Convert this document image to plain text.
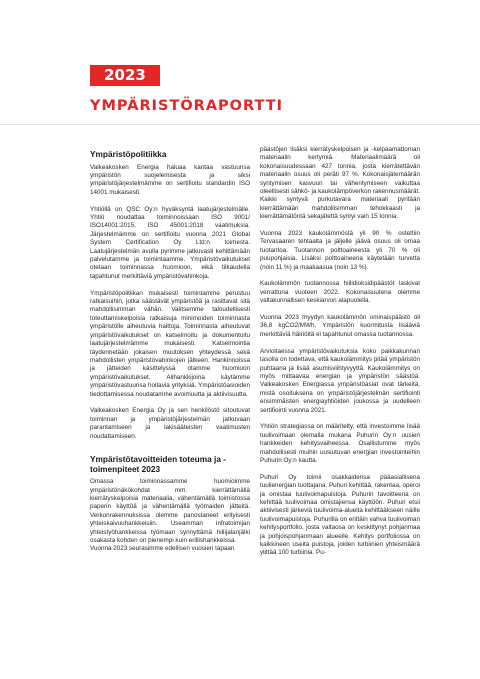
2023
YMPÄRISTÖRAPORTTI
Ympäristöpolitiikka

Valkeakosken Energia haluaa kantaa vastuunsa ympäristön suojelemisesta ja siksi ympäristöjärjestelmämme on sertifioitu standardin ISO 14001 mukaisesti.

Yhtiöllä on QSC Oy:n hyväksyntä laatujärjestelmälle. Yhtiö noudattaa toiminnoissaan ISO 9001/ ISO14001:2015, ISO 45001:2018 vaatimuksia. Järjestelmämme on sertifioitu vuonna 2021 Global System Certification Oy Ltd:n toimesta. Laatujärjestelmän avulla pyrimme jatkuvasti kehittämään palvelutamme ja toimintaamme. Ympäristövaikutukset otetaan toiminnassa huomioon, eikä tilkaudella tapahtunut merkittäviä ympäristövahinkoja.

Ympäristöpolitiikan mukaisesti toimintamme perustuu ratkaisuihin, jotka säästävät ympäristöä ja rasittavat sitä mahdollisimman vähän. Valitsemme taloudellisesti toteuttamiskelpoisia ratkaisuja minimoiden toiminnasta ympäristölle aiheutuvia haittoja. Toiminnasta aiheutuvat ympäristövaikutukset on katselmoitu ja dokumentoitu laatujärjestelmämme mukaisesti. Katselmointia täydennetään jokaisen muutoksen yhteydessä sekä mahdollisten ympäristövahinkojen jälkeen. Hankinnoissa ja jätteiden käsittelyssä otamme huomioon ympäristövaikutukset. Alihankkijoina käytämme ympäristövastuunsa hoitavia yrityksiä. Ympäristöasioiden tiedottamisessa noudatamme avoimuutta ja aktiivisuutta.

Valkeakosken Energia Oy ja sen henkilöstö sitoutuvat toiminnan ja ympäristöjärjestelmän jatkuvaan parantamiseen ja lakisääteisten vaatimusten noudattamiseen.

Ympäristötavoitteiden toteuma ja -toimenpiteet 2023

Omassa toiminnassamme huomioimme ympäristönäkökohdat mm. kierrättämällä kierrätyskelpoisia materiaalia, vähentämällä toimistossa paperin käyttöä ja vähentämällä työmaiden jätteitä. Verkonrakennuksissa olemme panostaneet erityisesti yhteiskaivuuhankkeisiin. Useamman infratoimijan yhteistyöhankkeissa työmaan synnyttämä hiilijalanjälki osakasta kohden on pienempi kuin erillishankkeissa.

Vuonna 2023 seurasimme edellisen vuosien tapaan

päästöjen lisäksi kierrätyskelpoisen ja -kelpaamattoman materiaalin kertymiä. Materiaalimäärä oli kokonaisuudessaan 427 tonnia, josta kierrätettävän materiaalin osuus oli peräti 97 %. Kokonaisjätemäärän syntymisen kasvuun tai vähentymiseen vaikuttaa oleellisesti sähkö- ja kaukolämpöverkon rakennusmäärät. Kaikki syntyvä purkutavara materiaali pyritään kierrättämään mahdollisimman tehokkaasti ja kierrättämätöntä sekajätettä syntyi vain 15 tonnia.

Vuonna 2023 kaukolämmöstä yli 90 % ostettiin Tervasaaren tehtaalta ja jäljelle jäävä osuus oli omaa tuotantoa. Tuotannon polttoaineesta yli 70 % oli puupohjaisia. Lisäksi polttoaineena käytetään turvetta (noin 11 %) ja maakaasua (noin 13 %).

Kaukolämmön tuotannossa hiilidioksidipäästöt laskivat verrattuna vuoteen 2022. Kokonaisuutena olemme valtakunnallisen keskiarvon alapuolella.

Vuonna 2023 myydyn kaukolämmön ominaispäästö oli 36,8 kgCO2/MWh. Ympäristön kuormitusta lisääviä merkittäviä häiriöitä ei tapahtunut omassa tuotannossa.

Arvioitaessa ympäristövaikutuksia koko paikkakunnan tasolla on todettava, että kaukolämmitys pitää ympäristön puhtaana ja lisää asumisviihtyvyyttä. Kaukolämmitys on myös mittaavaa energian ja ympäristön säästöä. Valkeakosken Energiassa ympäristöasiat ovat tärkeitä, mistä osoituksena on ympäristöjärjestelmän sertifiointi ensimmäisten energiayhtiöiden joukossa ja uudelleen sertifiointi vuonna 2021.

Yhtiön strategiassa on määritelty, että investoimme lisää tuulivoimaan olemalla mukana Puhurin Oy:n uusien hankkeiden kehitysvaiheessa. Osallistumme myös mahdollisesti muihin uusiutuvan energian investointeihin Puhurin Oy:n kautta.

Puhuri Oy toimii osakkaidensa pääasiallisena tuulienergian tuottajana. Puhuri kehittää, rakentaa, operoi ja omistaa tuulivoimapuistoja. Puhurin tavoitteena on kehittää tuulivoimaa omistajiensa käyttöön. Puhuri etsii aktiivisesti järkeviä tuulivoima-alueita kehittääkseen näille tuulivoimapuistoja. Puhurilla on erittäin vahva tuulivoiman kehitysportfolio, josta valtaosa on keskittynyt pohjanmaa ja pohjoispohjanmaan alueelle. Kehitys portfoliossa on kaikkineen useita puistoja, joiden turbiinien yhteismäärä ylittää 100 turbiinia. Pu-
